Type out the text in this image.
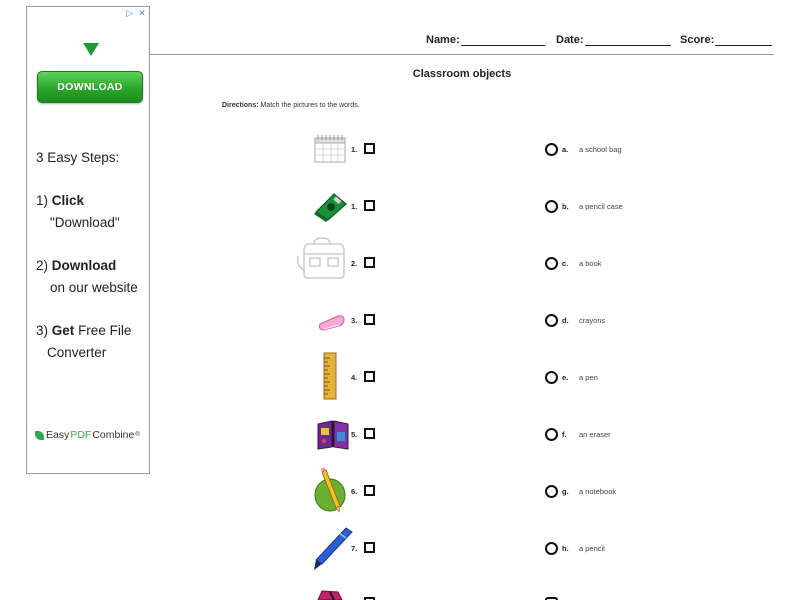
▷ ✕
DOWNLOAD
3 Easy Steps:
1) Click
"Download"
2) Download
on our website
3) Get Free File
Converter
Easy PDF Combine ®
Name:	Date:	Score:
Classroom objects
Directions: Match the pictures to the words.
1.	a. a school bag
1.	b. a pencil case
2.	c. a book
3.	d. crayons
4.	e. a pen
5.	f. an eraser
6.	g. a notebook
7.	h. a pencil
